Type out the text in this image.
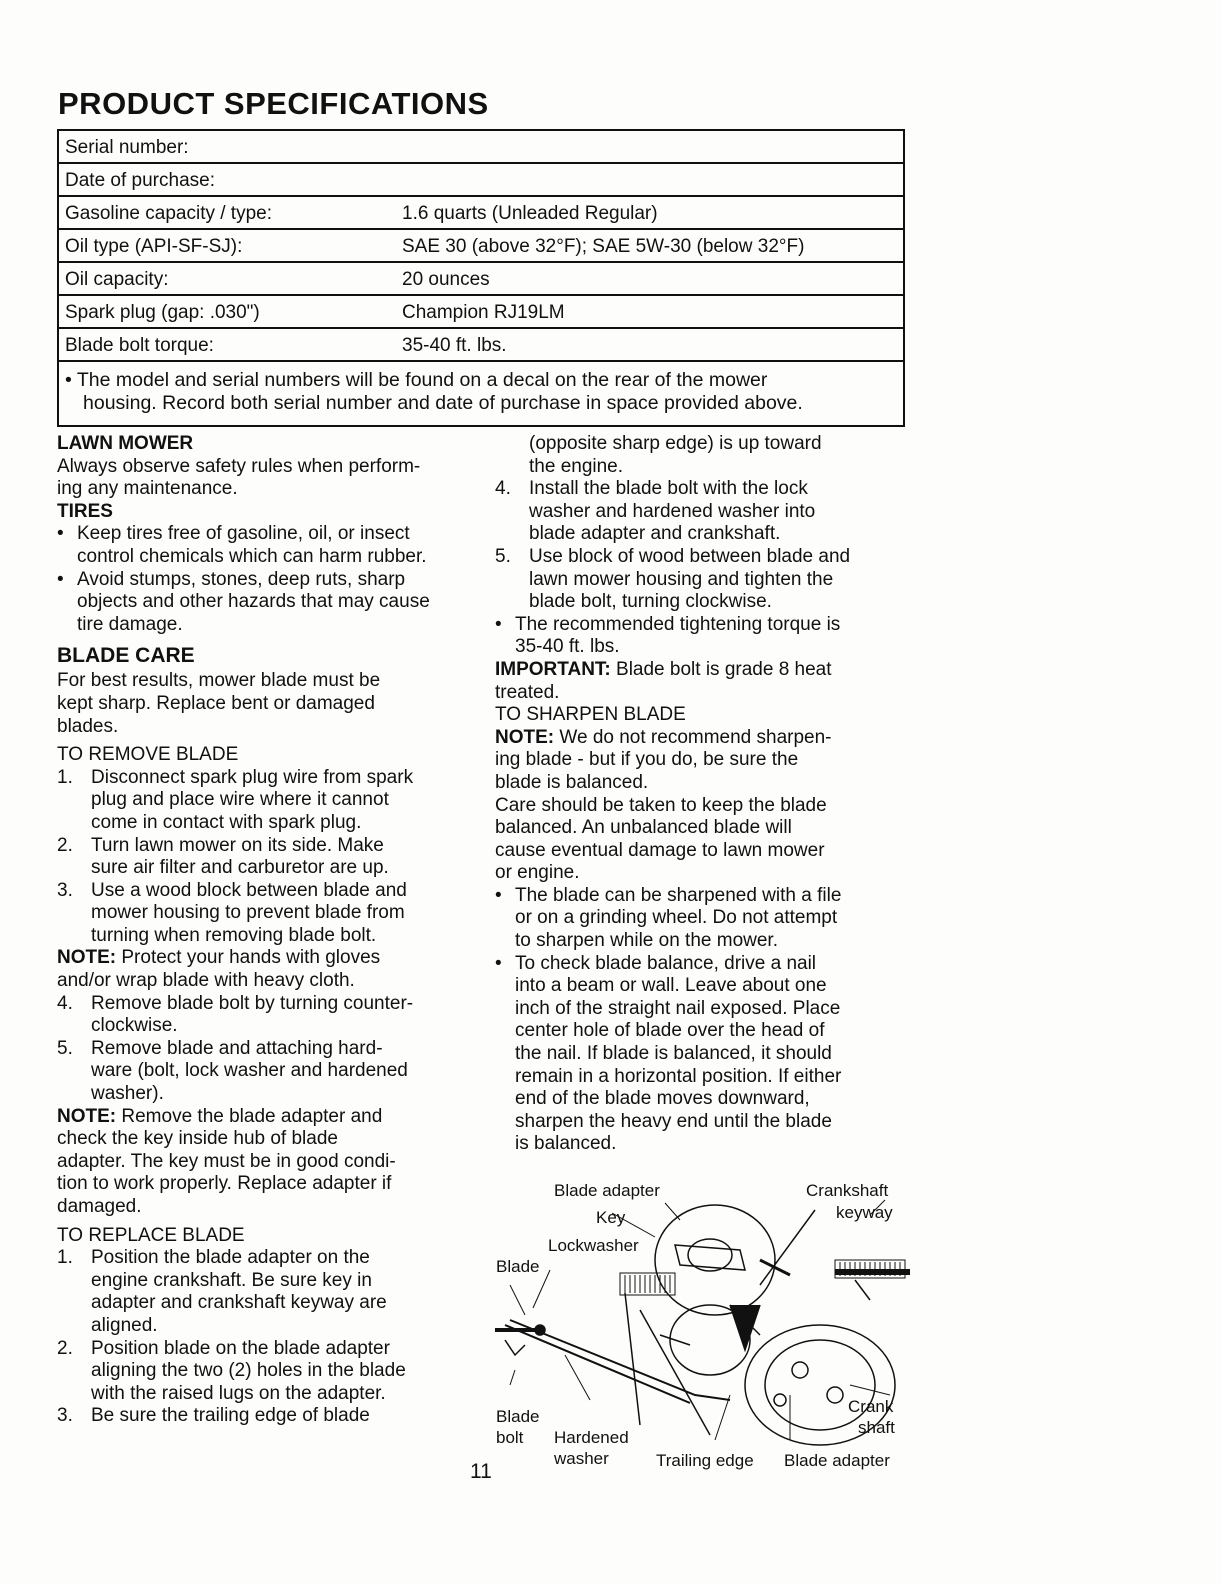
PRODUCT SPECIFICATIONS
Serial number:
Date of purchase:
Gasoline capacity / type:	1.6 quarts (Unleaded Regular)
Oil type (API-SF-SJ):	SAE 30 (above 32°F); SAE 5W-30 (below 32°F)
Oil capacity:	20 ounces
Spark plug (gap: .030")	Champion RJ19LM
Blade bolt torque:	35-40 ft. lbs.
• The model and serial numbers will be found on a decal on the rear of the mower
housing. Record both serial number and date of purchase in space provided above.

LAWN MOWER

Always observe safety rules when perform-

ing any maintenance.

TIRES

• Keep tires free of gasoline, oil, or insect

control chemicals which can harm rubber.

• Avoid stumps, stones, deep ruts, sharp

objects and other hazards that may cause

tire damage.

BLADE CARE

For best results, mower blade must be

kept sharp. Replace bent or damaged

blades.

TO REMOVE BLADE

1. Disconnect spark plug wire from spark

plug and place wire where it cannot

come in contact with spark plug.

2. Turn lawn mower on its side. Make

sure air filter and carburetor are up.

3. Use a wood block between blade and

mower housing to prevent blade from

turning when removing blade bolt.

NOTE: Protect your hands with gloves

and/or wrap blade with heavy cloth.

4. Remove blade bolt by turning counter-

clockwise.

5. Remove blade and attaching hard-

ware (bolt, lock washer and hardened

washer).

NOTE: Remove the blade adapter and

check the key inside hub of blade

adapter. The key must be in good condi-

tion to work properly. Replace adapter if

damaged.

TO REPLACE BLADE

1. Position the blade adapter on the

engine crankshaft. Be sure key in

adapter and crankshaft keyway are

aligned.

2. Position blade on the blade adapter

aligning the two (2) holes in the blade

with the raised lugs on the adapter.

3. Be sure the trailing edge of blade

(opposite sharp edge) is up toward

the engine.

4. Install the blade bolt with the lock

washer and hardened washer into

blade adapter and crankshaft.

5. Use block of wood between blade and

lawn mower housing and tighten the

blade bolt, turning clockwise.

• The recommended tightening torque is

35-40 ft. lbs.

IMPORTANT: Blade bolt is grade 8 heat

treated.

TO SHARPEN BLADE

NOTE: We do not recommend sharpen-

ing blade - but if you do, be sure the

blade is balanced.

Care should be taken to keep the blade

balanced. An unbalanced blade will

cause eventual damage to lawn mower

or engine.

• The blade can be sharpened with a file

or on a grinding wheel. Do not attempt

to sharpen while on the mower.

• To check blade balance, drive a nail

into a beam or wall. Leave about one

inch of the straight nail exposed. Place

center hole of blade over the head of

the nail. If blade is balanced, it should

remain in a horizontal position. If either

end of the blade moves downward,

sharpen the heavy end until the blade

is balanced.

Blade adapter	Crankshaft
keyway
Key
Lockwasher
Blade
Blade
bolt Hardened
washer	Trailing edge Blade adapter
Crank
shaft
11
